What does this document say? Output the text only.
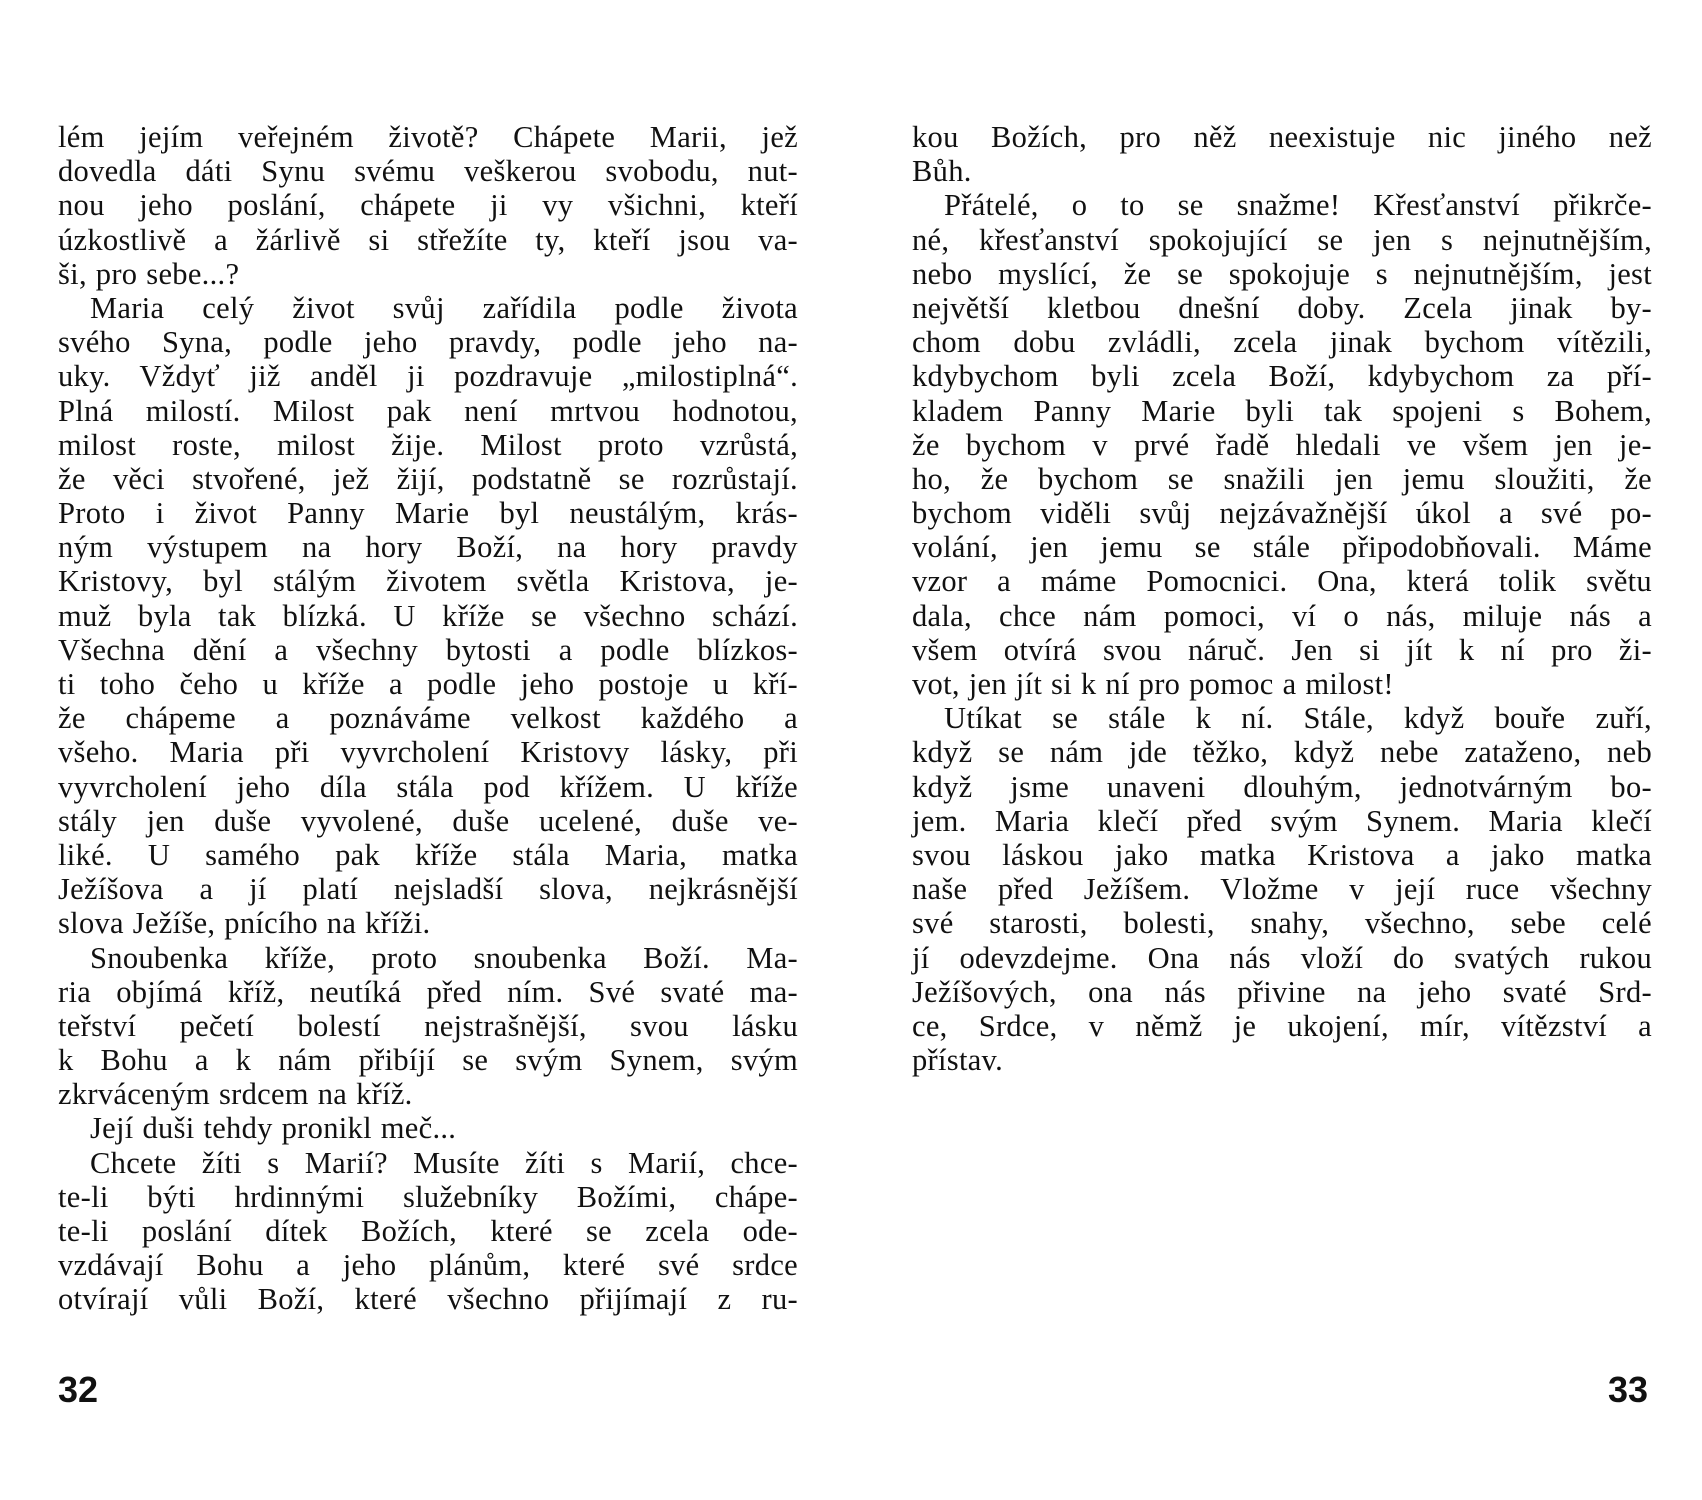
lém jejím veřejném životě? Chápete Marii, jež
dovedla dáti Synu svému veškerou svobodu, nut-
nou jeho poslání, chápete ji vy všichni, kteří
úzkostlivě a žárlivě si střežíte ty, kteří jsou va-
ši, pro sebe...?
Maria celý život svůj zařídila podle života
svého Syna, podle jeho pravdy, podle jeho na-
uky. Vždyť již anděl ji pozdravuje „milostiplná“.
Plná milostí. Milost pak není mrtvou hodnotou,
milost roste, milost žije. Milost proto vzrůstá,
že věci stvořené, jež žijí, podstatně se rozrůstají.
Proto i život Panny Marie byl neustálým, krás-
ným výstupem na hory Boží, na hory pravdy
Kristovy, byl stálým životem světla Kristova, je-
muž byla tak blízká. U kříže se všechno schází.
Všechna dění a všechny bytosti a podle blízkos-
ti toho čeho u kříže a podle jeho postoje u kří-
že chápeme a poznáváme velkost každého a
všeho. Maria při vyvrcholení Kristovy lásky, při
vyvrcholení jeho díla stála pod křížem. U kříže
stály jen duše vyvolené, duše ucelené, duše ve-
liké. U samého pak kříže stála Maria, matka
Ježíšova a jí platí nejsladší slova, nejkrásnější
slova Ježíše, pnícího na kříži.
Snoubenka kříže, proto snoubenka Boží. Ma-
ria objímá kříž, neutíká před ním. Své svaté ma-
teřství pečetí bolestí nejstrašnější, svou lásku
k Bohu a k nám přibíjí se svým Synem, svým
zkrváceným srdcem na kříž.
Její duši tehdy pronikl meč...
Chcete žíti s Marií? Musíte žíti s Marií, chce-
te-li býti hrdinnými služebníky Božími, chápe-
te-li poslání dítek Božích, které se zcela ode-
vzdávají Bohu a jeho plánům, které své srdce
otvírají vůli Boží, které všechno přijímají z ru-
32
kou Božích, pro něž neexistuje nic jiného než
Bůh.
Přátelé, o to se snažme! Křesťanství přikrče-
né, křesťanství spokojující se jen s nejnutnějším,
nebo myslící, že se spokojuje s nejnutnějším, jest
největší kletbou dnešní doby. Zcela jinak by-
chom dobu zvládli, zcela jinak bychom vítězili,
kdybychom byli zcela Boží, kdybychom za pří-
kladem Panny Marie byli tak spojeni s Bohem,
že bychom v prvé řadě hledali ve všem jen je-
ho, že bychom se snažili jen jemu sloužiti, že
bychom viděli svůj nejzávažnější úkol a své po-
volání, jen jemu se stále připodobňovali. Máme
vzor a máme Pomocnici. Ona, která tolik světu
dala, chce nám pomoci, ví o nás, miluje nás a
všem otvírá svou náruč. Jen si jít k ní pro ži-
vot, jen jít si k ní pro pomoc a milost!
Utíkat se stále k ní. Stále, když bouře zuří,
když se nám jde těžko, když nebe zataženo, neb
když jsme unaveni dlouhým, jednotvárným bo-
jem. Maria klečí před svým Synem. Maria klečí
svou láskou jako matka Kristova a jako matka
naše před Ježíšem. Vložme v její ruce všechny
své starosti, bolesti, snahy, všechno, sebe celé
jí odevzdejme. Ona nás vloží do svatých rukou
Ježíšových, ona nás přivine na jeho svaté Srd-
ce, Srdce, v němž je ukojení, mír, vítězství a
přístav.
33
